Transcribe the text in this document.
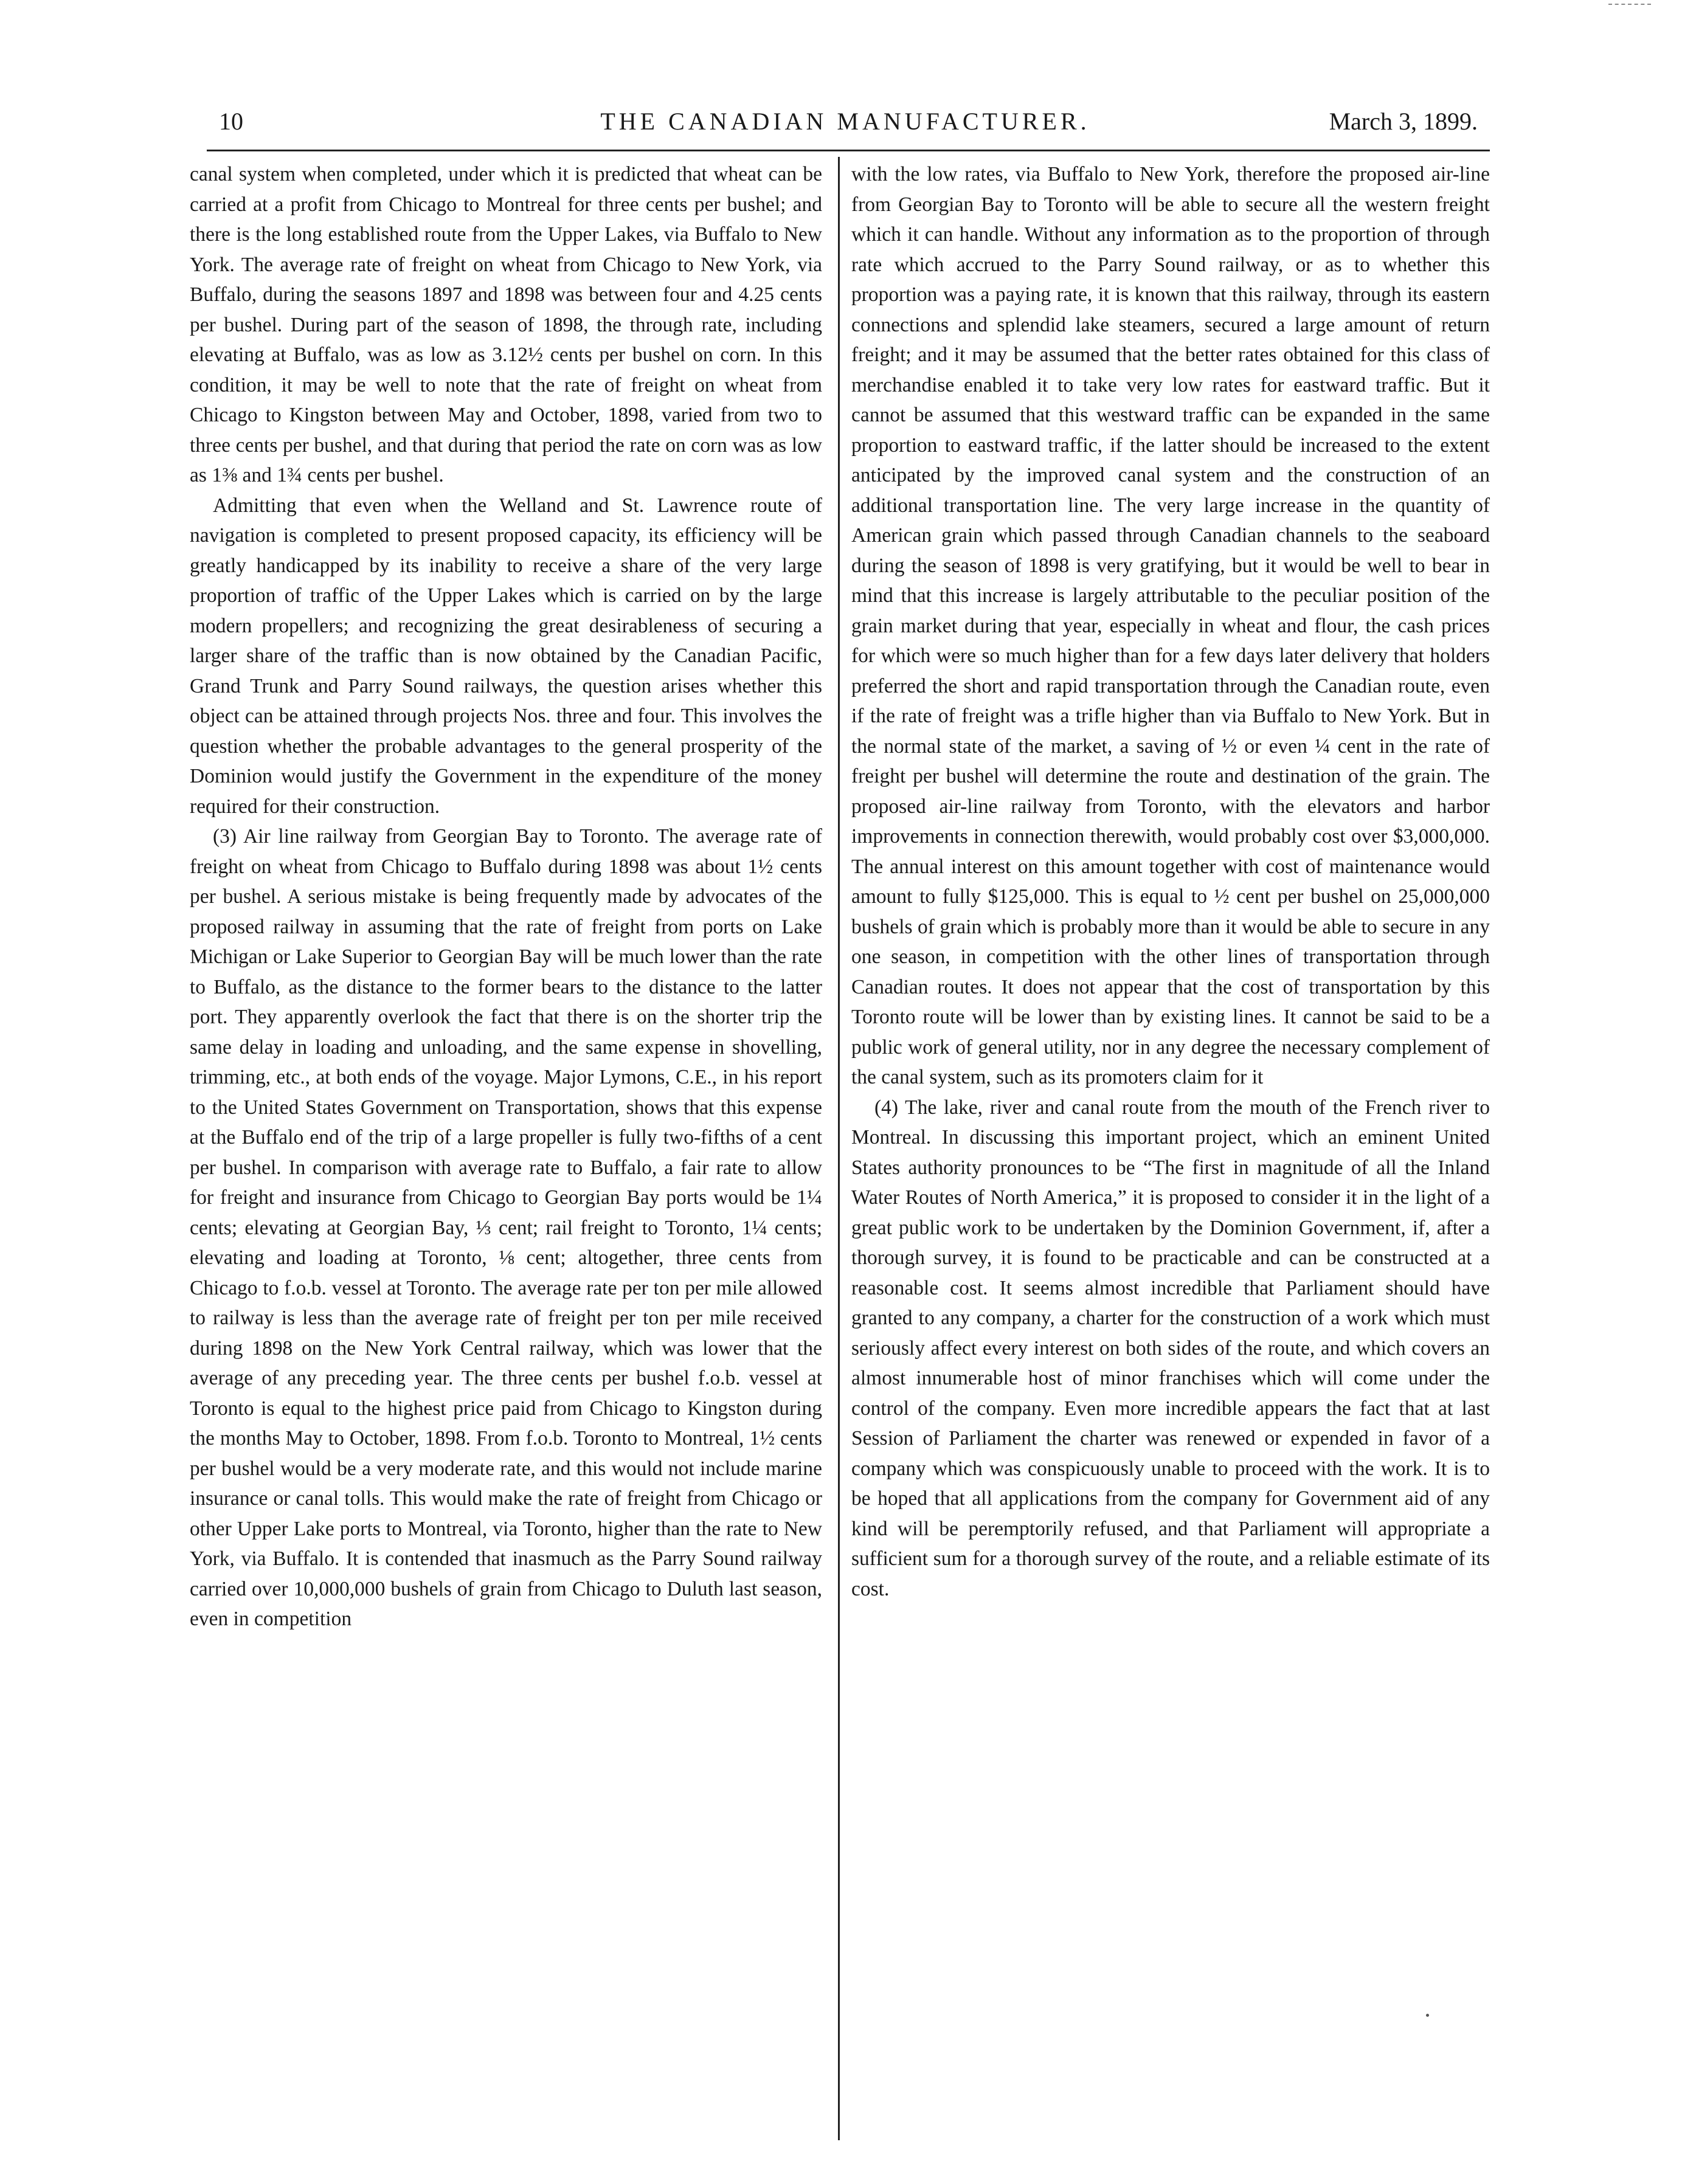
10	THE CANADIAN MANUFACTURER.	March 3, 1899.

canal system when completed, under which it is predicted that wheat can be carried at a profit from Chicago to Montreal for three cents per bushel; and there is the long established route from the Upper Lakes, via Buffalo to New York. The average rate of freight on wheat from Chicago to New York, via Buffalo, during the seasons 1897 and 1898 was between four and 4.25 cents per bushel. During part of the season of 1898, the through rate, including elevating at Buffalo, was as low as 3.12½ cents per bushel on corn. In this condition, it may be well to note that the rate of freight on wheat from Chicago to Kingston between May and October, 1898, varied from two to three cents per bushel, and that during that period the rate on corn was as low as 1⅜ and 1¾ cents per bushel.

Admitting that even when the Welland and St. Lawrence route of navigation is completed to present proposed capacity, its efficiency will be greatly handicapped by its inability to receive a share of the very large proportion of traffic of the Upper Lakes which is carried on by the large modern propellers; and recognizing the great desirableness of securing a larger share of the traffic than is now obtained by the Canadian Pacific, Grand Trunk and Parry Sound railways, the question arises whether this object can be attained through projects Nos. three and four. This involves the question whether the probable advantages to the general prosperity of the Dominion would justify the Government in the expenditure of the money required for their construction.

(3) Air line railway from Georgian Bay to Toronto. The average rate of freight on wheat from Chicago to Buffalo during 1898 was about 1½ cents per bushel. A serious mistake is being frequently made by advocates of the proposed railway in assuming that the rate of freight from ports on Lake Michigan or Lake Superior to Georgian Bay will be much lower than the rate to Buffalo, as the distance to the former bears to the distance to the latter port. They apparently overlook the fact that there is on the shorter trip the same delay in loading and unloading, and the same expense in shovelling, trimming, etc., at both ends of the voyage. Major Lymons, C.E., in his report to the United States Government on Transportation, shows that this expense at the Buffalo end of the trip of a large propeller is fully two-fifths of a cent per bushel. In comparison with average rate to Buffalo, a fair rate to allow for freight and insurance from Chicago to Georgian Bay ports would be 1¼ cents; elevating at Georgian Bay, ⅓ cent; rail freight to Toronto, 1¼ cents; elevating and loading at Toronto, ⅛ cent; altogether, three cents from Chicago to f.o.b. vessel at Toronto. The average rate per ton per mile allowed to railway is less than the average rate of freight per ton per mile received during 1898 on the New York Central railway, which was lower that the average of any preceding year. The three cents per bushel f.o.b. vessel at Toronto is equal to the highest price paid from Chicago to Kingston during the months May to October, 1898. From f.o.b. Toronto to Montreal, 1½ cents per bushel would be a very moderate rate, and this would not include marine insurance or canal tolls. This would make the rate of freight from Chicago or other Upper Lake ports to Montreal, via Toronto, higher than the rate to New York, via Buffalo. It is contended that inasmuch as the Parry Sound railway carried over 10,000,000 bushels of grain from Chicago to Duluth last season, even in competition

with the low rates, via Buffalo to New York, therefore the proposed air-line from Georgian Bay to Toronto will be able to secure all the western freight which it can handle. Without any information as to the proportion of through rate which accrued to the Parry Sound railway, or as to whether this proportion was a paying rate, it is known that this railway, through its eastern connections and splendid lake steamers, secured a large amount of return freight; and it may be assumed that the better rates obtained for this class of merchandise enabled it to take very low rates for eastward traffic. But it cannot be assumed that this westward traffic can be expanded in the same proportion to eastward traffic, if the latter should be increased to the extent anticipated by the improved canal system and the construction of an additional transportation line. The very large increase in the quantity of American grain which passed through Canadian channels to the seaboard during the season of 1898 is very gratifying, but it would be well to bear in mind that this increase is largely attributable to the peculiar position of the grain market during that year, especially in wheat and flour, the cash prices for which were so much higher than for a few days later delivery that holders preferred the short and rapid transportation through the Canadian route, even if the rate of freight was a trifle higher than via Buffalo to New York. But in the normal state of the market, a saving of ½ or even ¼ cent in the rate of freight per bushel will determine the route and destination of the grain. The proposed air-line railway from Toronto, with the elevators and harbor improvements in connection therewith, would probably cost over $3,000,000. The annual interest on this amount together with cost of maintenance would amount to fully $125,000. This is equal to ½ cent per bushel on 25,000,000 bushels of grain which is probably more than it would be able to secure in any one season, in competition with the other lines of transportation through Canadian routes. It does not appear that the cost of transportation by this Toronto route will be lower than by existing lines. It cannot be said to be a public work of general utility, nor in any degree the necessary complement of the canal system, such as its promoters claim for it

(4) The lake, river and canal route from the mouth of the French river to Montreal. In discussing this important project, which an eminent United States authority pronounces to be “The first in magnitude of all the Inland Water Routes of North America,” it is proposed to consider it in the light of a great public work to be undertaken by the Dominion Government, if, after a thorough survey, it is found to be practicable and can be constructed at a reasonable cost. It seems almost incredible that Parliament should have granted to any company, a charter for the construction of a work which must seriously affect every interest on both sides of the route, and which covers an almost innumerable host of minor franchises which will come under the control of the company. Even more incredible appears the fact that at last Session of Parliament the charter was renewed or expended in favor of a company which was conspicuously unable to proceed with the work. It is to be hoped that all applications from the company for Government aid of any kind will be peremptorily refused, and that Parliament will appropriate a sufficient sum for a thorough survey of the route, and a reliable estimate of its cost.
